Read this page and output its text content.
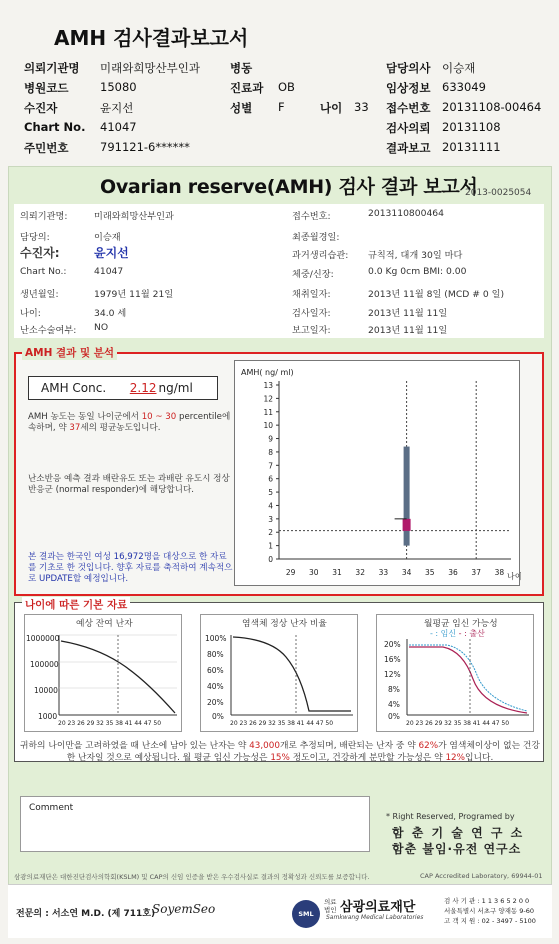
AMH 검사결과보고서
의뢰기관명 미래와희망산부인과	병동	담당의사 이승재
병원코드	15080	진료과 OB	임상정보 633049
수진자	윤지선	성별 F	나이 33 접수번호 20131108-00464
Chart No. 41047	검사의뢰 20131108
주민번호	791121-6******	결과보고 20131111
Ovarian reserve(AMH) 검사 결과 보고서
2013-0025054
의뢰기관명:	미래와희망산부인과
담당의:	이승재
수진자:	윤지선
Chart No.:	41047
생년월일:	1979년 11월 21일
나이:	34.0 세
난소수술여부: NO
접수번호:	2013110800464
최종월경일:
과거생리습관: 규칙적, 대개 30일 마다
체중/신장:	0.0 Kg 0cm BMI: 0.00
채취일자:	2013년 11월 8일 (MCD # 0 일)
검사일자:	2013년 11월 11일
보고일자:	2013년 11월 11일
AMH 결과 및 분석
AMH Conc. 2.12 ng/ml
AMH 농도는 동일 나이군에서 10 ~ 30 percentile에 속하며, 약 37세의 평균농도입니다.
난소반응 예측 결과 배란유도 또는 과배란 유도시 정상반응군 (normal responder)에 해당합니다.
본 결과는 한국인 여성 16,972명을 대상으로 한 자료를 기초로 한 것입니다. 향후 자료를 축적하여 계속적으로 UPDATE할 예정입니다.
AMH( ng/ ml)
0
1
2
3
4
5
6
7
8
9
10
11
12
13
29 30 31 32 33 34 35 36 37 38 나이
나이에 따른 기본 자료
1000000
100000
10000
1000
20 23 26 29 32 35 38 41 44 47 50
예상 잔여 난자
100%
80%
60%
40%
20%
0%
20 23 26 29 32 35 38 41 44 47 50
염색체 정상 난자 비율
20%
16%
12%
8%
4%
0%
20 23 26 29 32 35 38 41 44 47 50
월평균 임신 가능성
- : 임신 - : 출산
귀하의 나이만을 고려하였을 때 난소에 남아 있는 난자는 약 43,000개로 추정되며, 배란되는 난자 중 약 62%가 염색체이상이 없는 건강한 난자일 것으로 예상됩니다. 월 평균 임신 가능성은 15% 정도이고, 건강하게 분만할 가능성은 약 12%입니다.
Comment
* Right Reserved, Programed by
함 춘 기 술 연 구 소
함춘 불임·유전 연구소
삼광의료재단은 대한진단검사의학회(KSLM) 및 CAP의 신임 인증을 받은 우수검사실로 결과의 정확성과 신뢰도를 보증합니다.	CAP Accredited Laboratory, 69944-01
전문의 : 서소연 M.D. (제 711호)
SoyemSeo	SML
의료법인 삼광의료재단
Samkwang Medical Laboratories
검 사 기 관 : 1 1 3 6 5 2 0 0
서울특별시 서초구 양재동 9-60
고 객 지 원 : 02 - 3497 - 5100
